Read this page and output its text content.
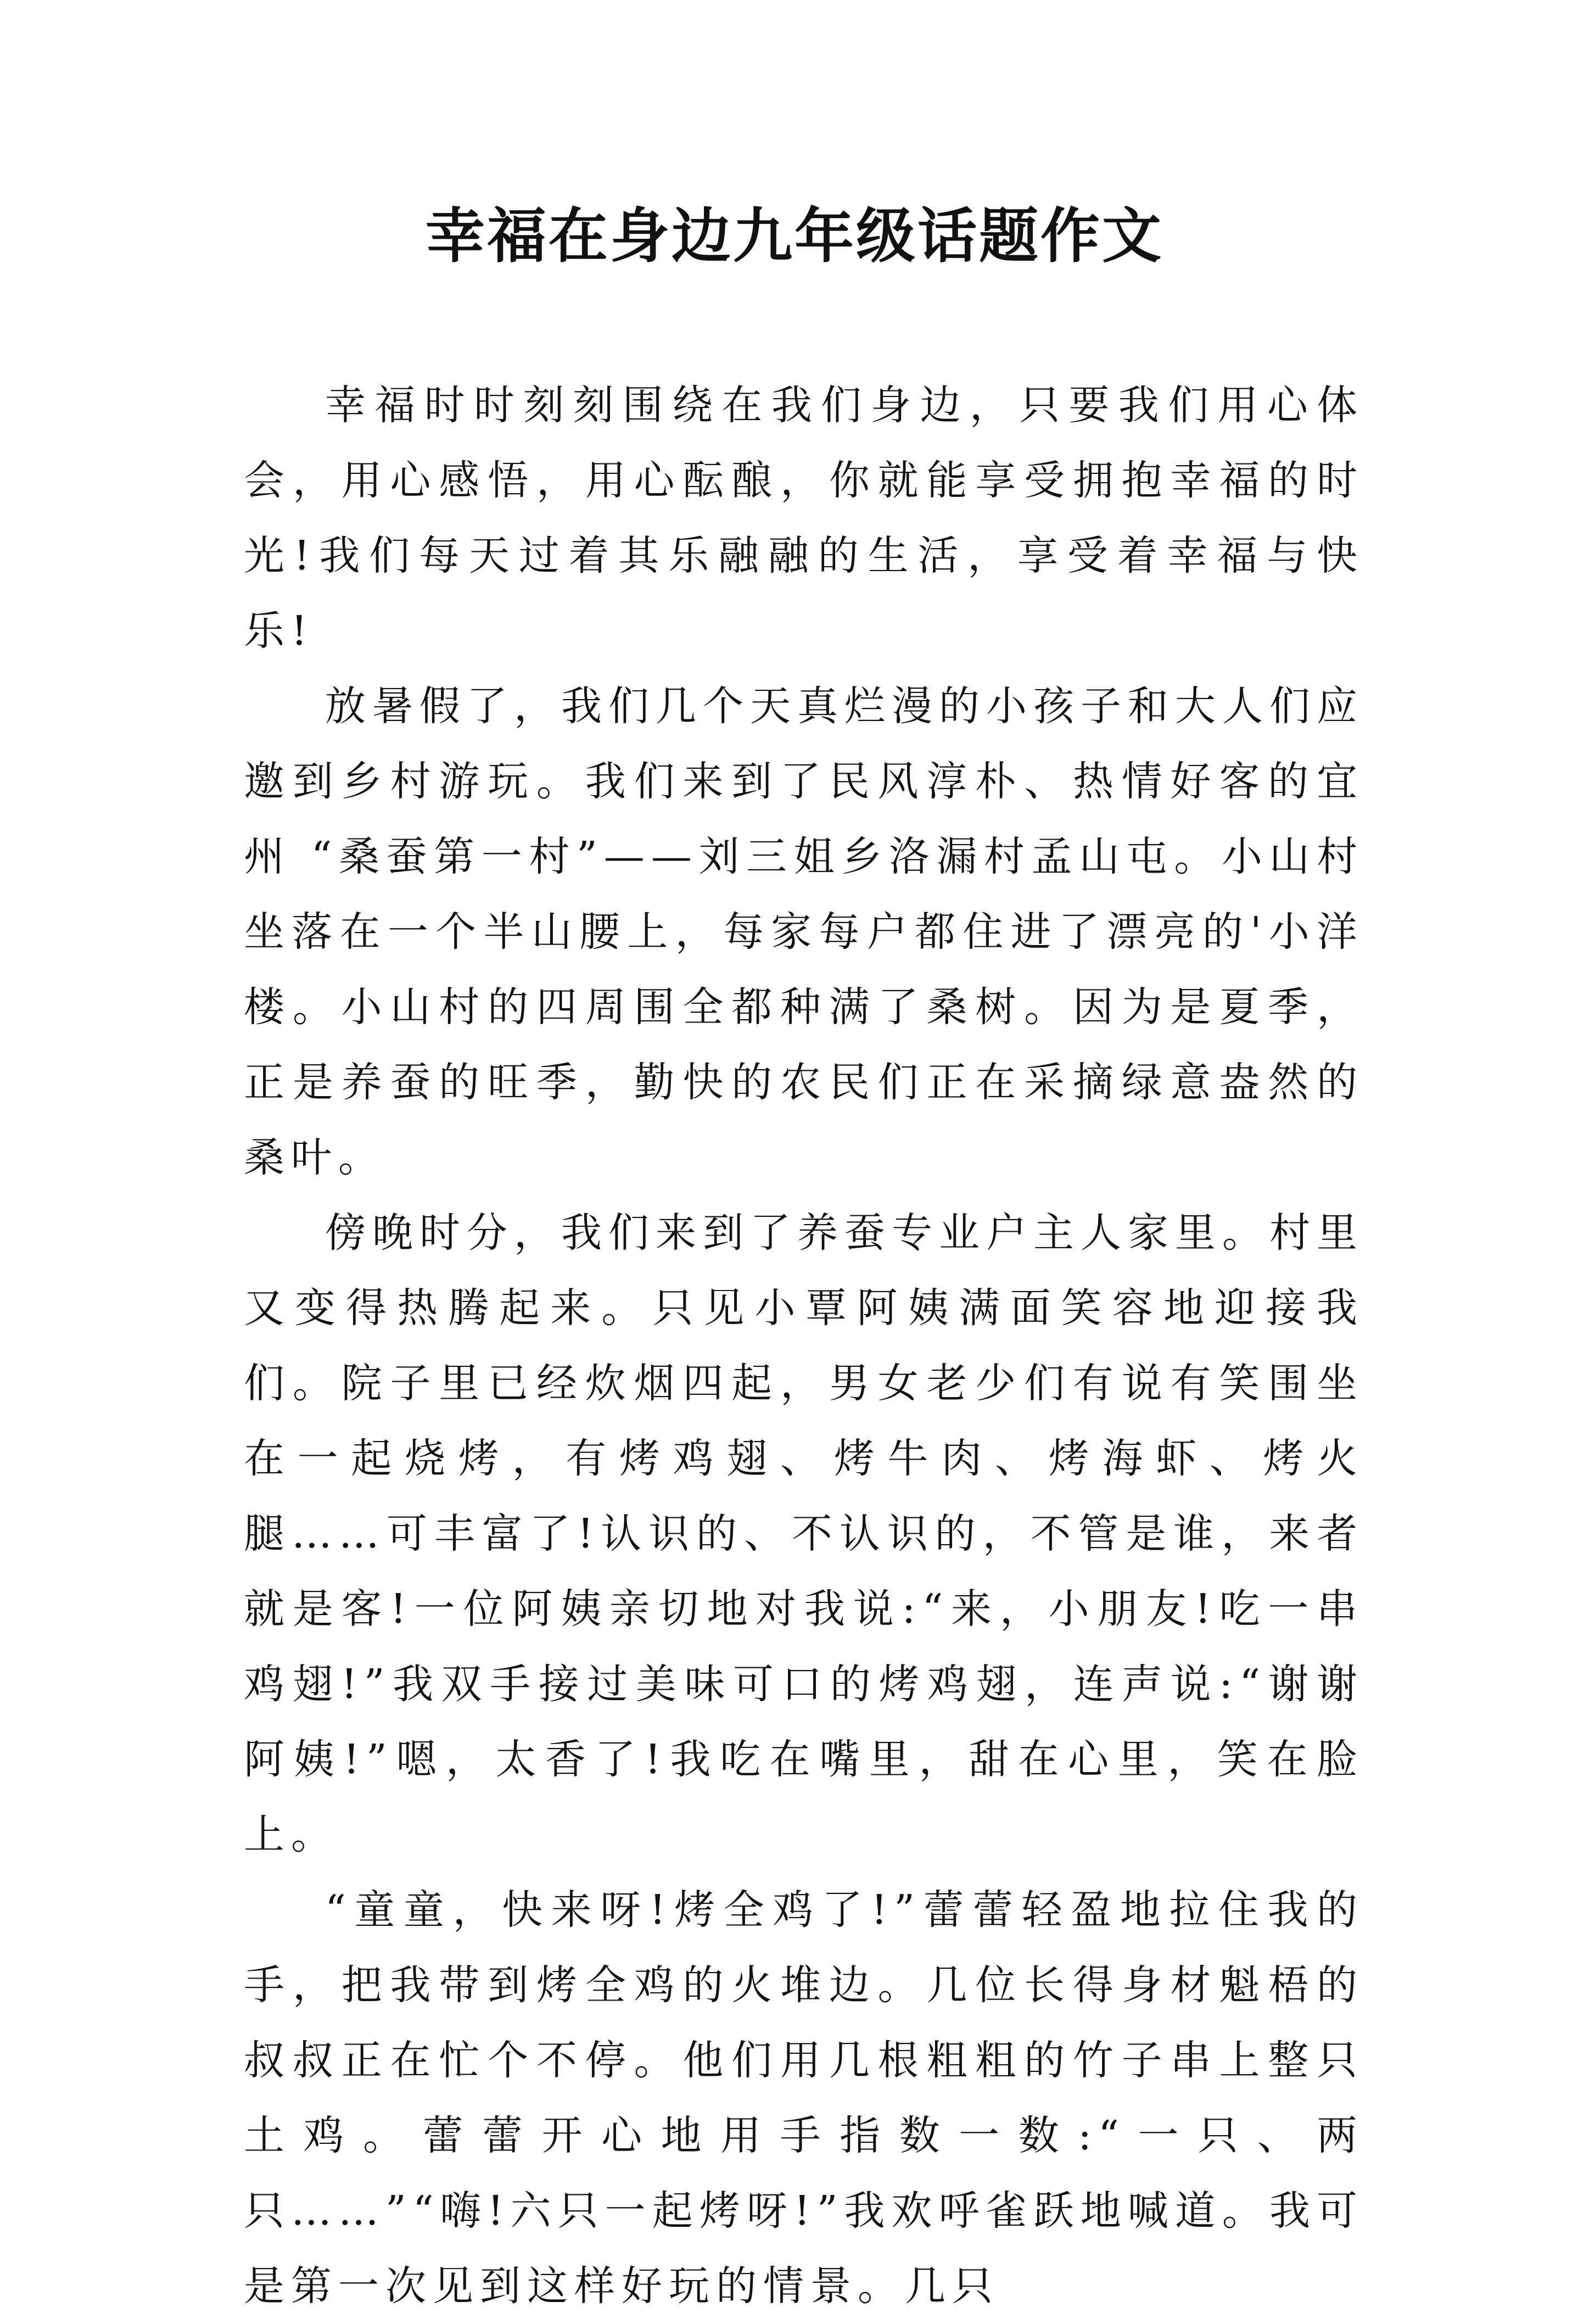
幸福在身边九年级话题作文

幸福时时刻刻围绕在我们身边，只要我们用心体会，用心感悟，用心酝酿，你就能享受拥抱幸福的时光!我们每天过着其乐融融的生活，享受着幸福与快乐!

放暑假了，我们几个天真烂漫的小孩子和大人们应邀到乡村游玩。我们来到了民风淳朴、热情好客的宜州 “桑蚕第一村”——刘三姐乡洛漏村孟山屯。小山村坐落在一个半山腰上，每家每户都住进了漂亮的'小洋楼。小山村的四周围全都种满了桑树。因为是夏季，正是养蚕的旺季，勤快的农民们正在采摘绿意盎然的桑叶。

傍晚时分，我们来到了养蚕专业户主人家里。村里又变得热腾起来。只见小覃阿姨满面笑容地迎接我们。院子里已经炊烟四起，男女老少们有说有笑围坐在一起烧烤，有烤鸡翅、烤牛肉、烤海虾、烤火腿……可丰富了!认识的、不认识的，不管是谁，来者就是客!一位阿姨亲切地对我说:“来，小朋友!吃一串鸡翅!”我双手接过美味可口的烤鸡翅，连声说:“谢谢阿姨!”嗯，太香了!我吃在嘴里，甜在心里，笑在脸上。

“童童，快来呀!烤全鸡了!”蕾蕾轻盈地拉住我的手，把我带到烤全鸡的火堆边。几位长得身材魁梧的叔叔正在忙个不停。他们用几根粗粗的竹子串上整只土鸡。蕾蕾开心地用手指数一数:“一只、两只……”“嗨!六只一起烤呀!”我欢呼雀跃地喊道。我可是第一次见到这样好玩的情景。几只
